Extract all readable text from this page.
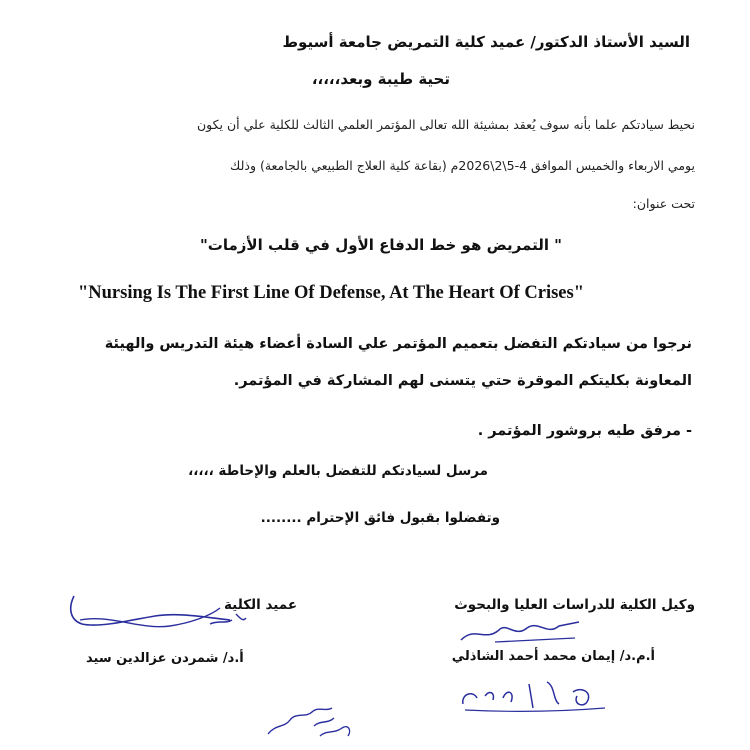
السيد الأستاذ الدكتور/ عميد كلية التمريض جامعة أسيوط
تحية طيبة وبعد،،،،،
نحيط سيادتكم علما بأنه سوف يُعقد بمشيئة الله تعالى المؤتمر العلمي الثالث للكلية علي أن يكون
يومي الاربعاء والخميس الموافق 4-5\2\2026م (بقاعة كلية العلاج الطبيعي بالجامعة) وذلك
تحت عنوان:
" التمريض هو خط الدفاع الأول في قلب الأزمات"
"Nursing Is The First Line Of Defense, At The Heart Of Crises"
نرجوا من سيادتكم التفضل بتعميم المؤتمر علي السادة أعضاء هيئة التدريس والهيئة
المعاونة بكليتكم الموقرة حتي يتسنى لهم المشاركة في المؤتمر.
- مرفق طيه بروشور المؤتمر .
مرسل لسيادتكم للتفضل بالعلم والإحاطة ،،،،،
وتفضلوا بقبول فائق الإحترام ........
وكيل الكلية للدراسات العليا والبحوث
أ.م.د/ إيمان محمد أحمد الشاذلي
عميد الكلية
أ.د/ شمردن عزالدين سيد
